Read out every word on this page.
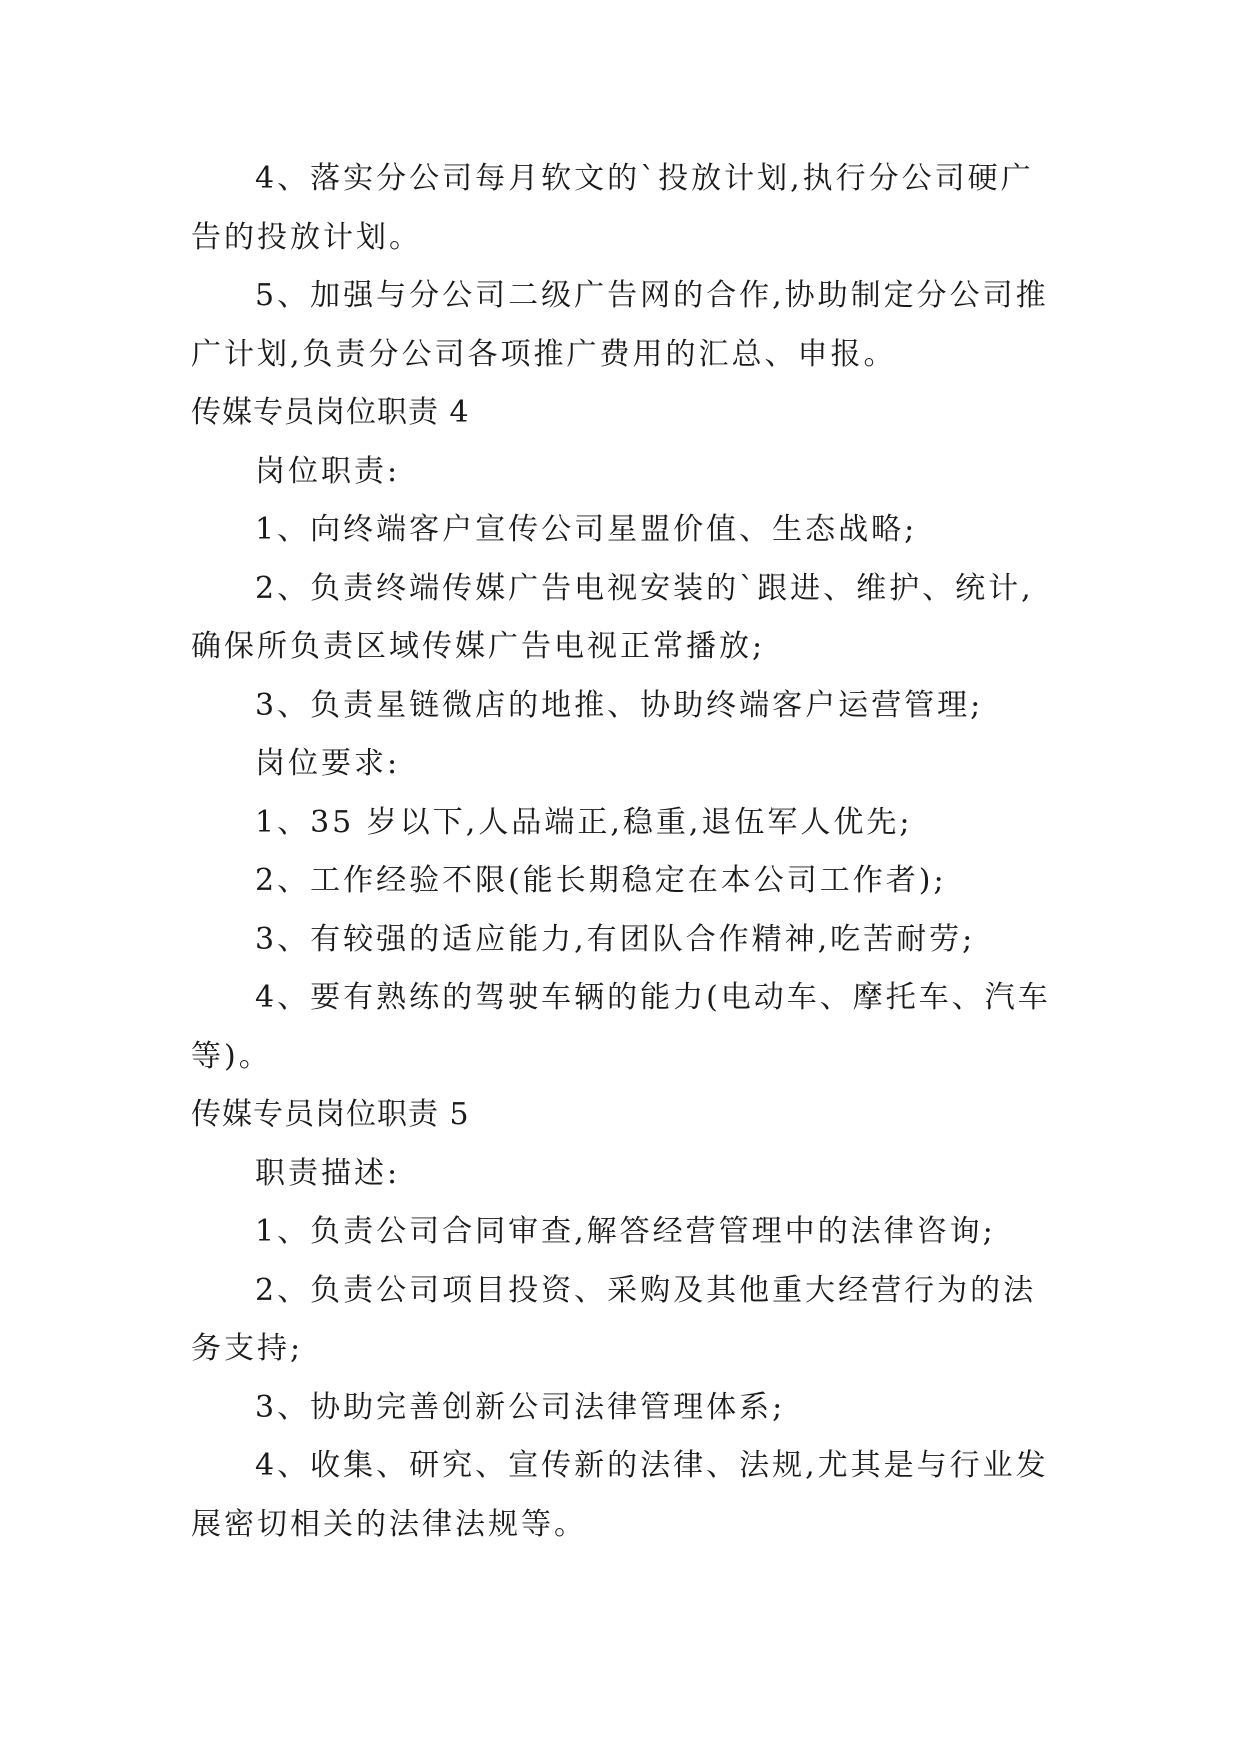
4、落实分公司每月软文的`投放计划,执行分公司硬广
告的投放计划。
5、加强与分公司二级广告网的合作,协助制定分公司推
广计划,负责分公司各项推广费用的汇总、申报。
传媒专员岗位职责 4
岗位职责:
1、向终端客户宣传公司星盟价值、生态战略;
2、负责终端传媒广告电视安装的`跟进、维护、统计,
确保所负责区域传媒广告电视正常播放;
3、负责星链微店的地推、协助终端客户运营管理;
岗位要求:
1、35 岁以下,人品端正,稳重,退伍军人优先;
2、工作经验不限(能长期稳定在本公司工作者);
3、有较强的适应能力,有团队合作精神,吃苦耐劳;
4、要有熟练的驾驶车辆的能力(电动车、摩托车、汽车
等)。
传媒专员岗位职责 5
职责描述:
1、负责公司合同审查,解答经营管理中的法律咨询;
2、负责公司项目投资、采购及其他重大经营行为的法
务支持;
3、协助完善创新公司法律管理体系;
4、收集、研究、宣传新的法律、法规,尤其是与行业发
展密切相关的法律法规等。
